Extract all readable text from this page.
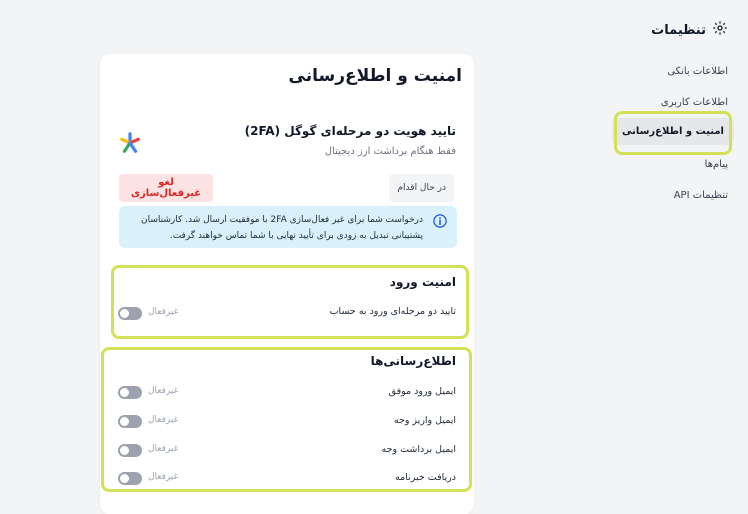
تنظیمات
اطلاعات بانکی
اطلاعات کاربری
امنیت و اطلاع‌رسانی
پیام‌ها
تنظیمات API
امنیت و اطلاع‌رسانی
تایید هویت دو مرحله‌ای گوگل (2FA)
فقط هنگام برداشت ارز دیجیتال
در حال اقدام
لغو غیرفعال‌سازی
درخواست شما برای غیر فعال‌سازی 2FA با موفقیت ارسال شد. کارشناسان
پشتیبانی تبدیل به زودی برای تأیید نهایی با شما تماس خواهند گرفت.
امنیت ورود
تایید دو مرحله‌ای ورود به حساب
غیرفعال
اطلاع‌رسانی‌ها
ایمیل ورود موفق
غیرفعال
ایمیل واریز وجه
غیرفعال
ایمیل برداشت وجه
غیرفعال
دریافت خبرنامه
غیرفعال
